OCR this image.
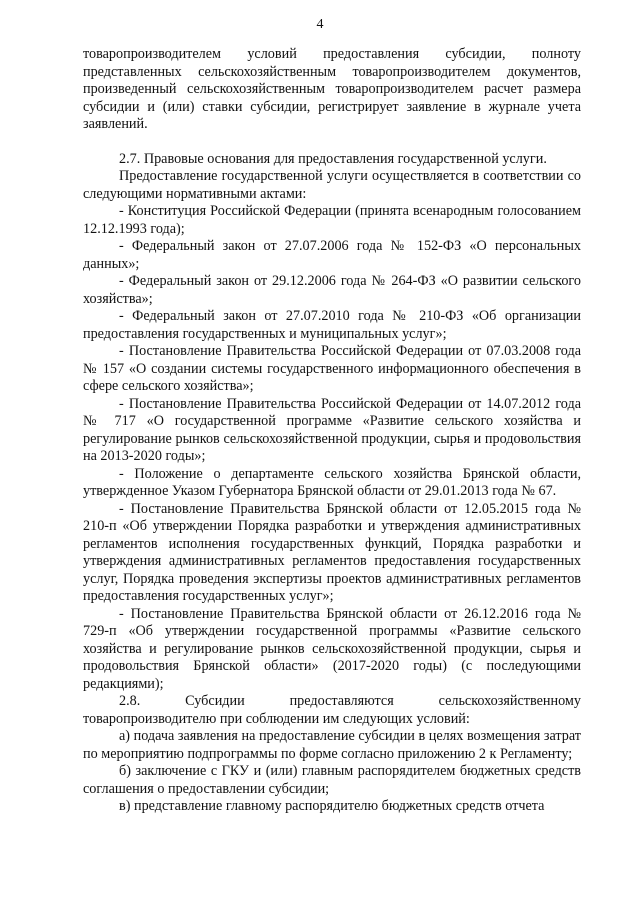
4

товаропроизводителем условий предоставления субсидии, полноту представленных сельскохозяйственным товаропроизводителем документов, произведенный сельскохозяйственным товаропроизводителем расчет размера субсидии и (или) ставки субсидии, регистрирует заявление в журнале учета заявлений.

2.7. Правовые основания для предоставления государственной услуги.

Предоставление государственной услуги осуществляется в соответствии со следующими нормативными актами:

- Конституция Российской Федерации (принята всенародным голосованием 12.12.1993 года);

- Федеральный закон от 27.07.2006 года № 152-ФЗ «О персональных данных»;

- Федеральный закон от 29.12.2006 года № 264-ФЗ «О развитии сельского хозяйства»;

- Федеральный закон от 27.07.2010 года № 210-ФЗ «Об организации предоставления государственных и муниципальных услуг»;

- Постановление Правительства Российской Федерации от 07.03.2008 года № 157 «О создании системы государственного информационного обеспечения в сфере сельского хозяйства»;

- Постановление Правительства Российской Федерации от 14.07.2012 года № 717 «О государственной программе «Развитие сельского хозяйства и регулирование рынков сельскохозяйственной продукции, сырья и продовольствия на 2013-2020 годы»;

- Положение о департаменте сельского хозяйства Брянской области, утвержденное Указом Губернатора Брянской области от 29.01.2013 года № 67.

- Постановление Правительства Брянской области от 12.05.2015 года № 210-п «Об утверждении Порядка разработки и утверждения административных регламентов исполнения государственных функций, Порядка разработки и утверждения административных регламентов предоставления государственных услуг, Порядка проведения экспертизы проектов административных регламентов предоставления государственных услуг»;

- Постановление Правительства Брянской области от 26.12.2016 года № 729-п «Об утверждении государственной программы «Развитие сельского хозяйства и регулирование рынков сельскохозяйственной продукции, сырья и продовольствия Брянской области» (2017-2020 годы) (с последующими редакциями);

2.8. Субсидии предоставляются сельскохозяйственному товаропроизводителю при соблюдении им следующих условий:

а) подача заявления на предоставление субсидии в целях возмещения затрат по мероприятию подпрограммы по форме согласно приложению 2 к Регламенту;

б) заключение с ГКУ и (или) главным распорядителем бюджетных средств соглашения о предоставлении субсидии;

в) представление главному распорядителю бюджетных средств отчета
